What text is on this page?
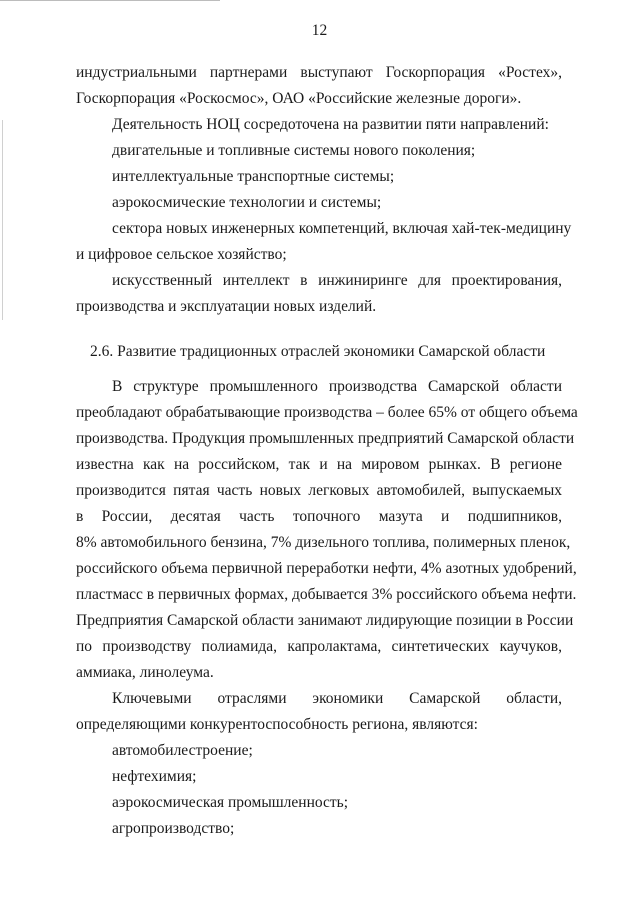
12
индустриальными партнерами выступают Госкорпорация «Ростех»,
Госкорпорация «Роскосмос», ОАО «Российские железные дороги».
Деятельность НОЦ сосредоточена на развитии пяти направлений:
двигательные и топливные системы нового поколения;
интеллектуальные транспортные системы;
аэрокосмические технологии и системы;
сектора новых инженерных компетенций, включая хай-тек-медицину
и цифровое сельское хозяйство;
искусственный интеллект в инжиниринге для проектирования,
производства и эксплуатации новых изделий.
2.6. Развитие традиционных отраслей экономики Самарской области
В структуре промышленного производства Самарской области
преобладают обрабатывающие производства – более 65% от общего объема
производства. Продукция промышленных предприятий Самарской области
известна как на российском, так и на мировом рынках. В регионе
производится пятая часть новых легковых автомобилей, выпускаемых
в России, десятая часть топочного мазута и подшипников,
8% автомобильного бензина, 7% дизельного топлива, полимерных пленок,
российского объема первичной переработки нефти, 4% азотных удобрений,
пластмасс в первичных формах, добывается 3% российского объема нефти.
Предприятия Самарской области занимают лидирующие позиции в России
по производству полиамида, капролактама, синтетических каучуков,
аммиака, линолеума.
Ключевыми отраслями экономики Самарской области,
определяющими конкурентоспособность региона, являются:
автомобилестроение;
нефтехимия;
аэрокосмическая промышленность;
агропроизводство;
